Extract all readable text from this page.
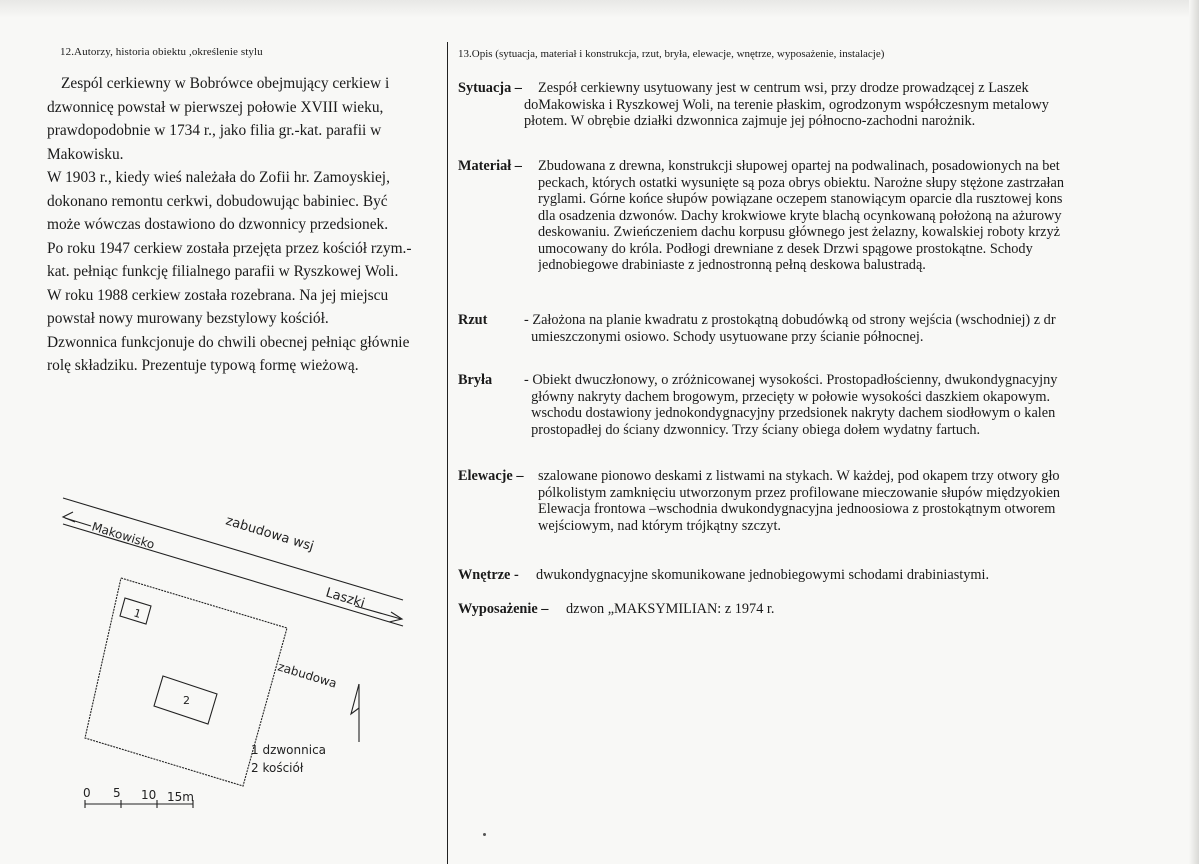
12.Autorzy, historia obiektu ,określenie stylu
Zespól cerkiewny w Bobrówce obejmujący cerkiew i
dzwonnicę powstał w pierwszej połowie XVIII wieku,
prawdopodobnie w 1734 r., jako filia gr.-kat. parafii w
Makowisku.
W 1903 r., kiedy wieś należała do Zofii hr. Zamoyskiej,
dokonano remontu cerkwi, dobudowując babiniec. Być
może wówczas dostawiono do dzwonnicy przedsionek.
Po roku 1947 cerkiew została przejęta przez kościół rzym.-
kat. pełniąc funkcję filialnego parafii w Ryszkowej Woli.
W roku 1988 cerkiew została rozebrana. Na jej miejscu
powstał nowy murowany bezstylowy kościół.
Dzwonnica funkcjonuje do chwili obecnej pełniąc głównie
rolę składziku. Prezentuje typową formę wieżową.
Makowisko	zabudowa wsj
Laszki
zabudowa
1
2
1 dzwonnica
2 kościół
0 5 10 15m
13.Opis (sytuacja, materiał i konstrukcja, rzut, bryła, elewacje, wnętrze, wyposażenie, instalacje)
Sytuacja – Zespół cerkiewny usytuowany jest w centrum wsi, przy drodze prowadzącej z Laszek
doMakowiska i Ryszkowej Woli, na terenie płaskim, ogrodzonym współczesnym metalowy
płotem. W obrębie działki dzwonnica zajmuje jej północno-zachodni narożnik.
Materiał – Zbudowana z drewna, konstrukcji słupowej opartej na podwalinach, posadowionych na bet
peckach, których ostatki wysunięte są poza obrys obiektu. Narożne słupy stężone zastrzałan
ryglami. Górne końce słupów powiązane oczepem stanowiącym oparcie dla rusztowej kons
dla osadzenia dzwonów. Dachy krokwiowe kryte blachą ocynkowaną położoną na ażurowy
deskowaniu. Zwieńczeniem dachu korpusu głównego jest żelazny, kowalskiej roboty krzyż
umocowany do króla. Podłogi drewniane z desek Drzwi spągowe prostokątne. Schody
jednobiegowe drabiniaste z jednostronną pełną deskowa balustradą.
Rzut	- Założona na planie kwadratu z prostokątną dobudówką od strony wejścia (wschodniej) z dr
umieszczonymi osiowo. Schody usytuowane przy ścianie północnej.
Bryła - Obiekt dwuczłonowy, o zróżnicowanej wysokości. Prostopadłościenny, dwukondygnacyjny
główny nakryty dachem brogowym, przecięty w połowie wysokości daszkiem okapowym.
wschodu dostawiony jednokondygnacyjny przedsionek nakryty dachem siodłowym o kalen
prostopadłej do ściany dzwonnicy. Trzy ściany obiega dołem wydatny fartuch.
Elewacje – szalowane pionowo deskami z listwami na stykach. W każdej, pod okapem trzy otwory gło
pólkolistym zamknięciu utworzonym przez profilowane mieczowanie słupów międzyokien
Elewacja frontowa –wschodnia dwukondygnacyjna jednoosiowa z prostokątnym otworem
wejściowym, nad którym trójkątny szczyt.
Wnętrze - dwukondygnacyjne skomunikowane jednobiegowymi schodami drabiniastymi.
Wyposażenie – dzwon „MAKSYMILIAN: z 1974 r.
